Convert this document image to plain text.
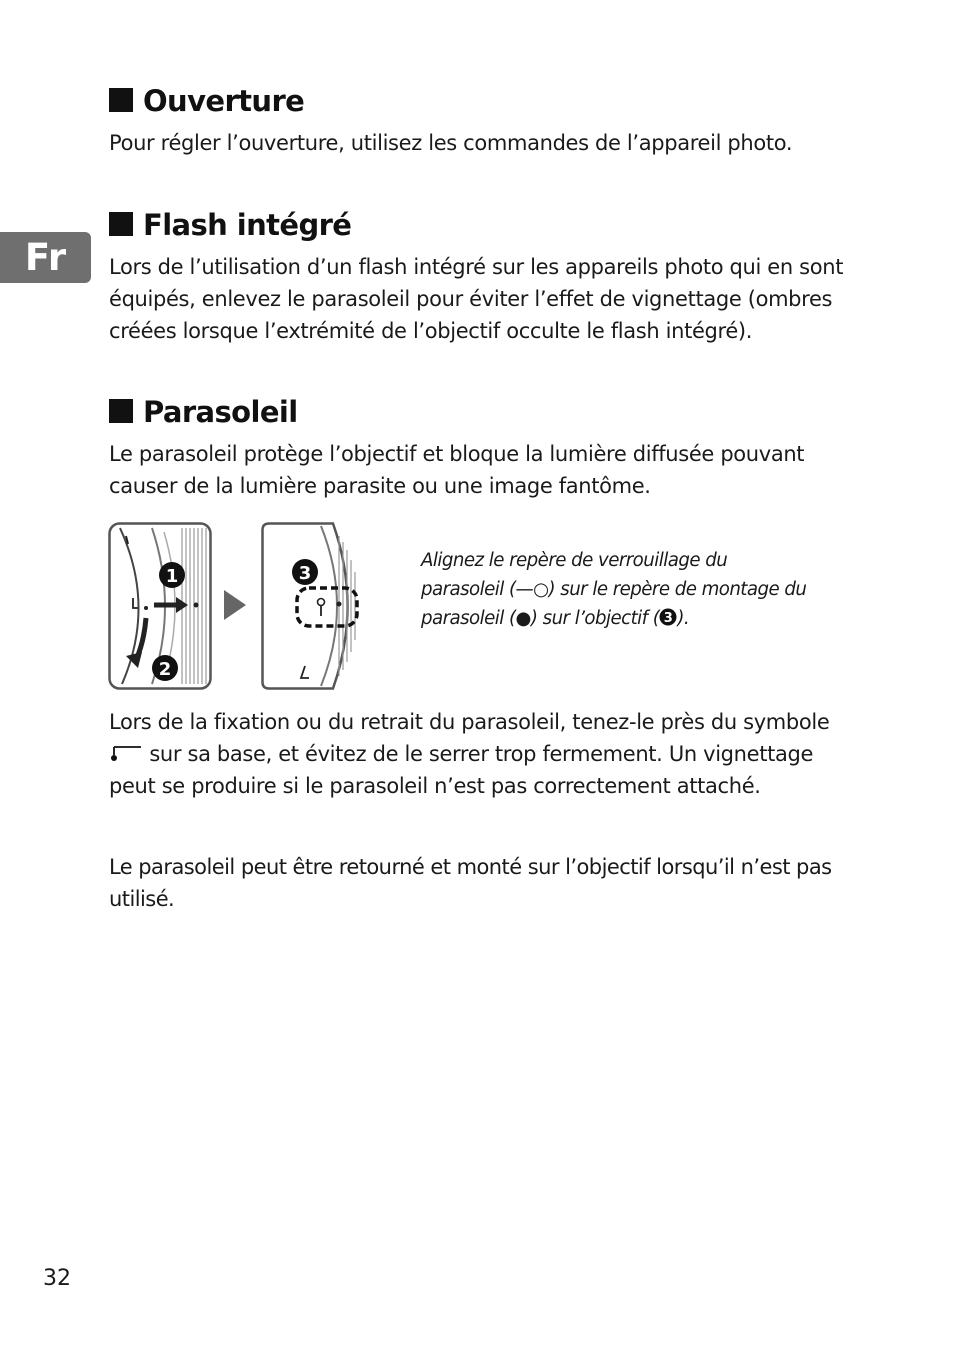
Fr
Ouverture

Pour régler l’ouverture, utilisez les commandes de l’appareil photo.

Flash intégré

Lors de l’utilisation d’un flash intégré sur les appareils photo qui en sont équipés, enlevez le parasoleil pour éviter l’effet de vignettage (ombres créées lorsque l’extrémité de l’objectif occulte le flash intégré).

Parasoleil

Le parasoleil protège l’objectif et bloque la lumière diffusée pouvant causer de la lumière parasite ou une image fantôme.

1
2
3
Alignez le repère de verrouillage du
parasoleil (—○) sur le repère de montage du
parasoleil (●) sur l’objectif ( 3 ).

Lors de la fixation ou du retrait du parasoleil, tenez-le près du symbole  sur sa base, et évitez de le serrer trop fermement. Un vignettage peut se produire si le parasoleil n’est pas correctement attaché.

Le parasoleil peut être retourné et monté sur l’objectif lorsqu’il n’est pas utilisé.

32
